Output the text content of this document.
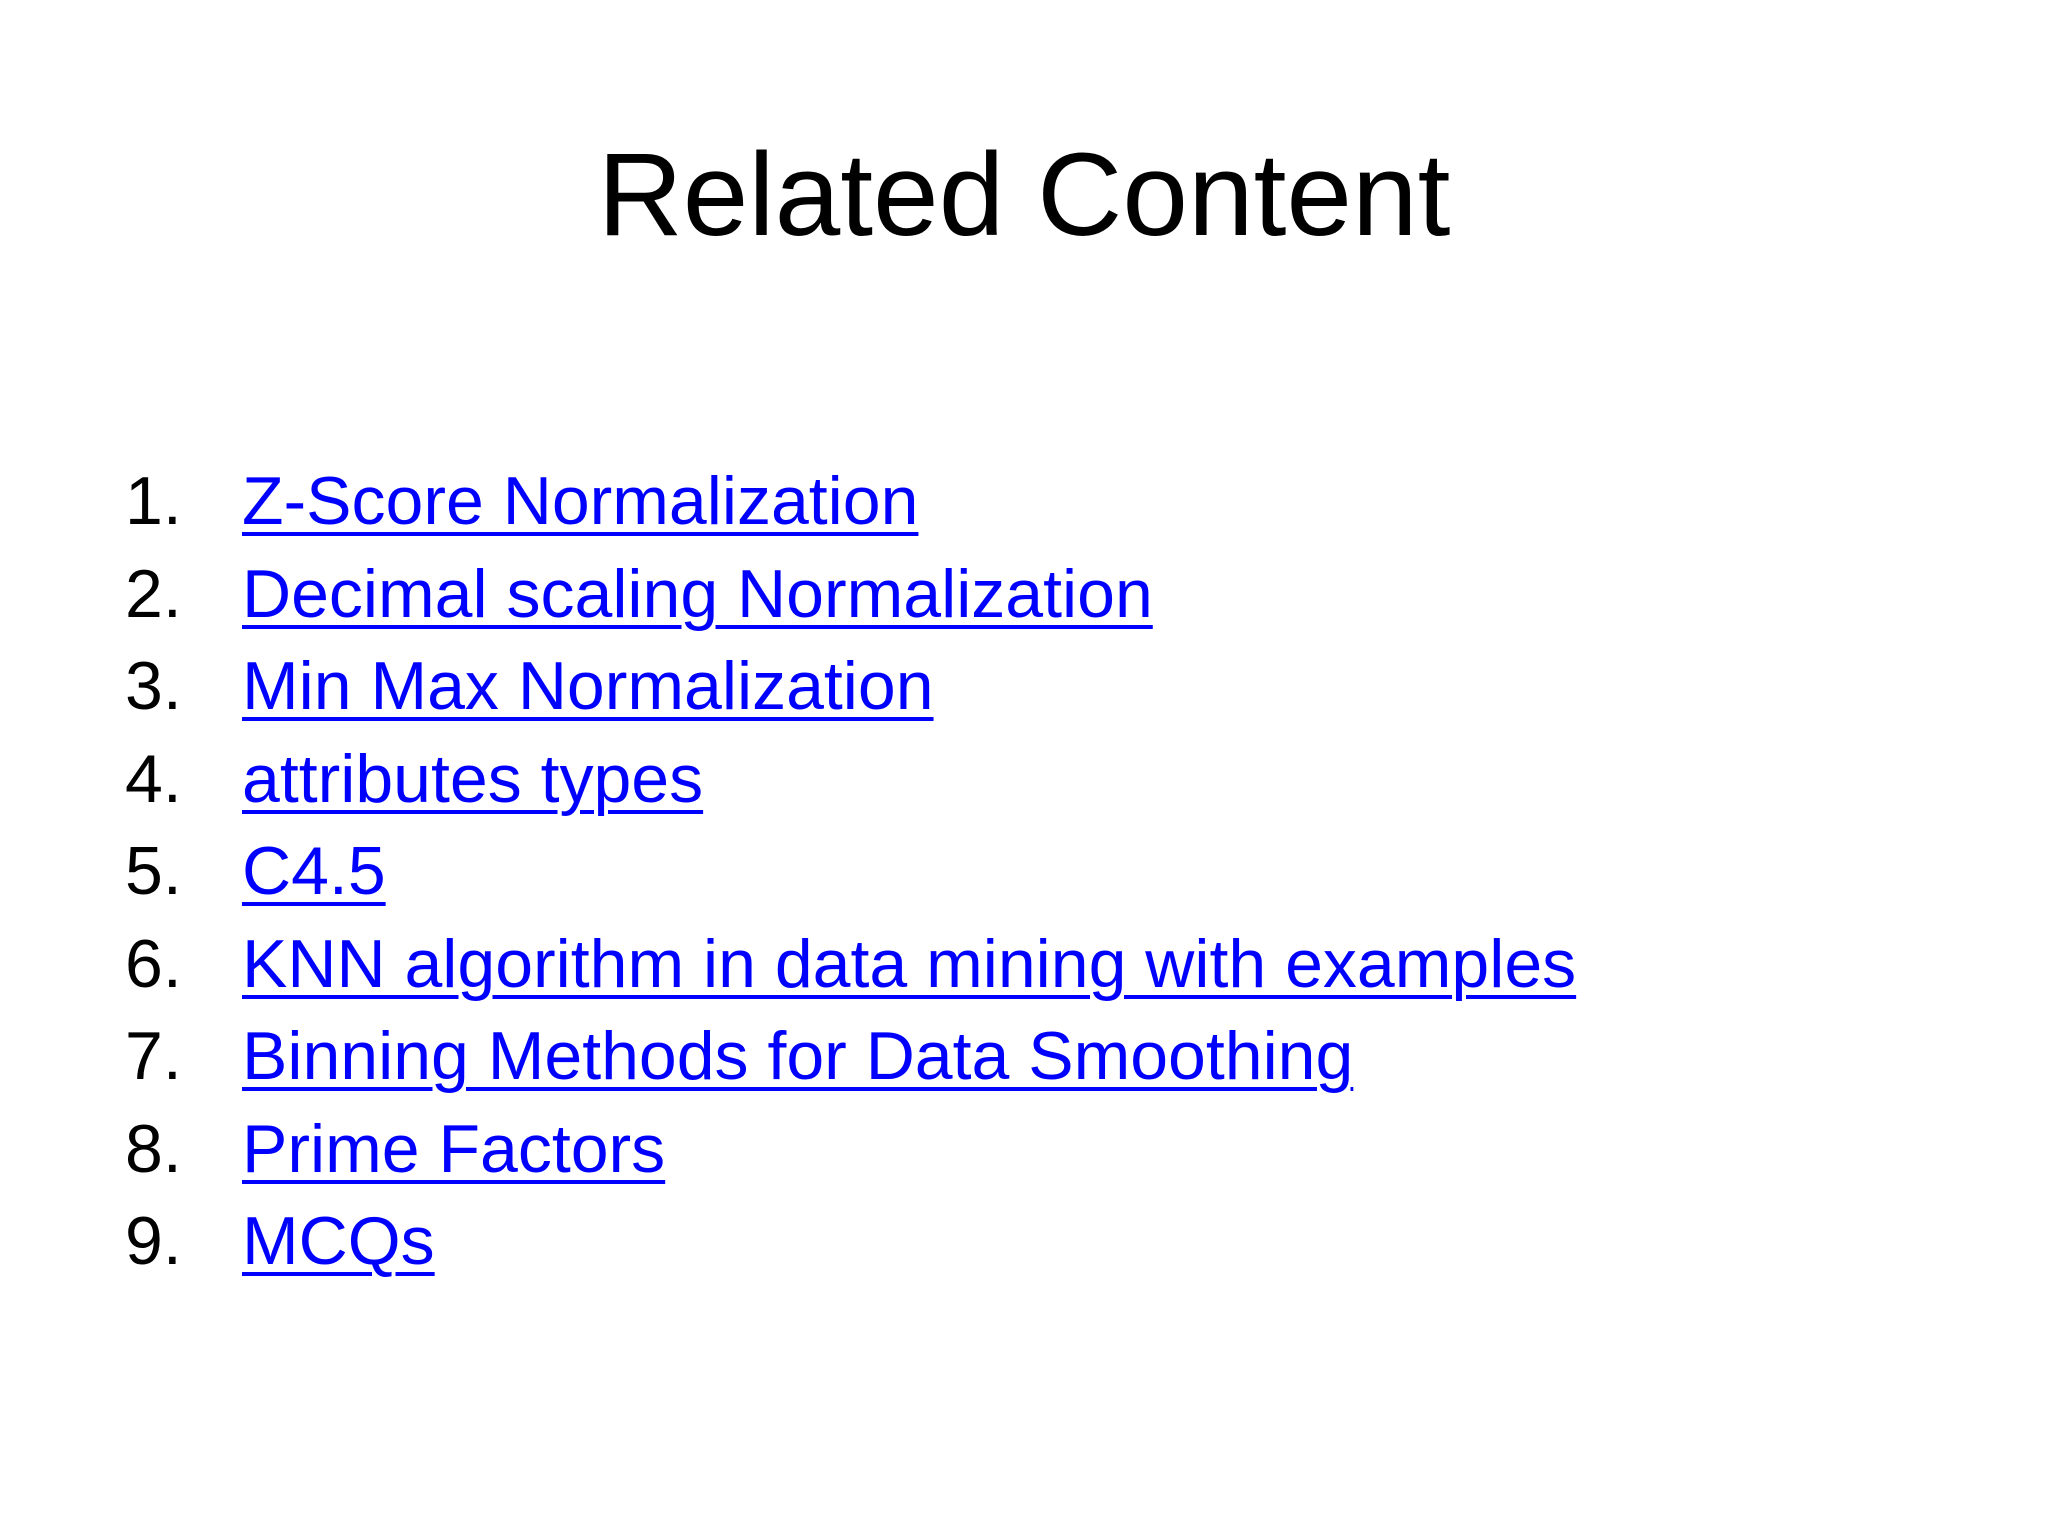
Related Content
1. Z-Score Normalization
2. Decimal scaling Normalization
3. Min Max Normalization
4. attributes types
5. C4.5
6. KNN algorithm in data mining with examples
7. Binning Methods for Data Smoothing
8. Prime Factors
9. MCQs
